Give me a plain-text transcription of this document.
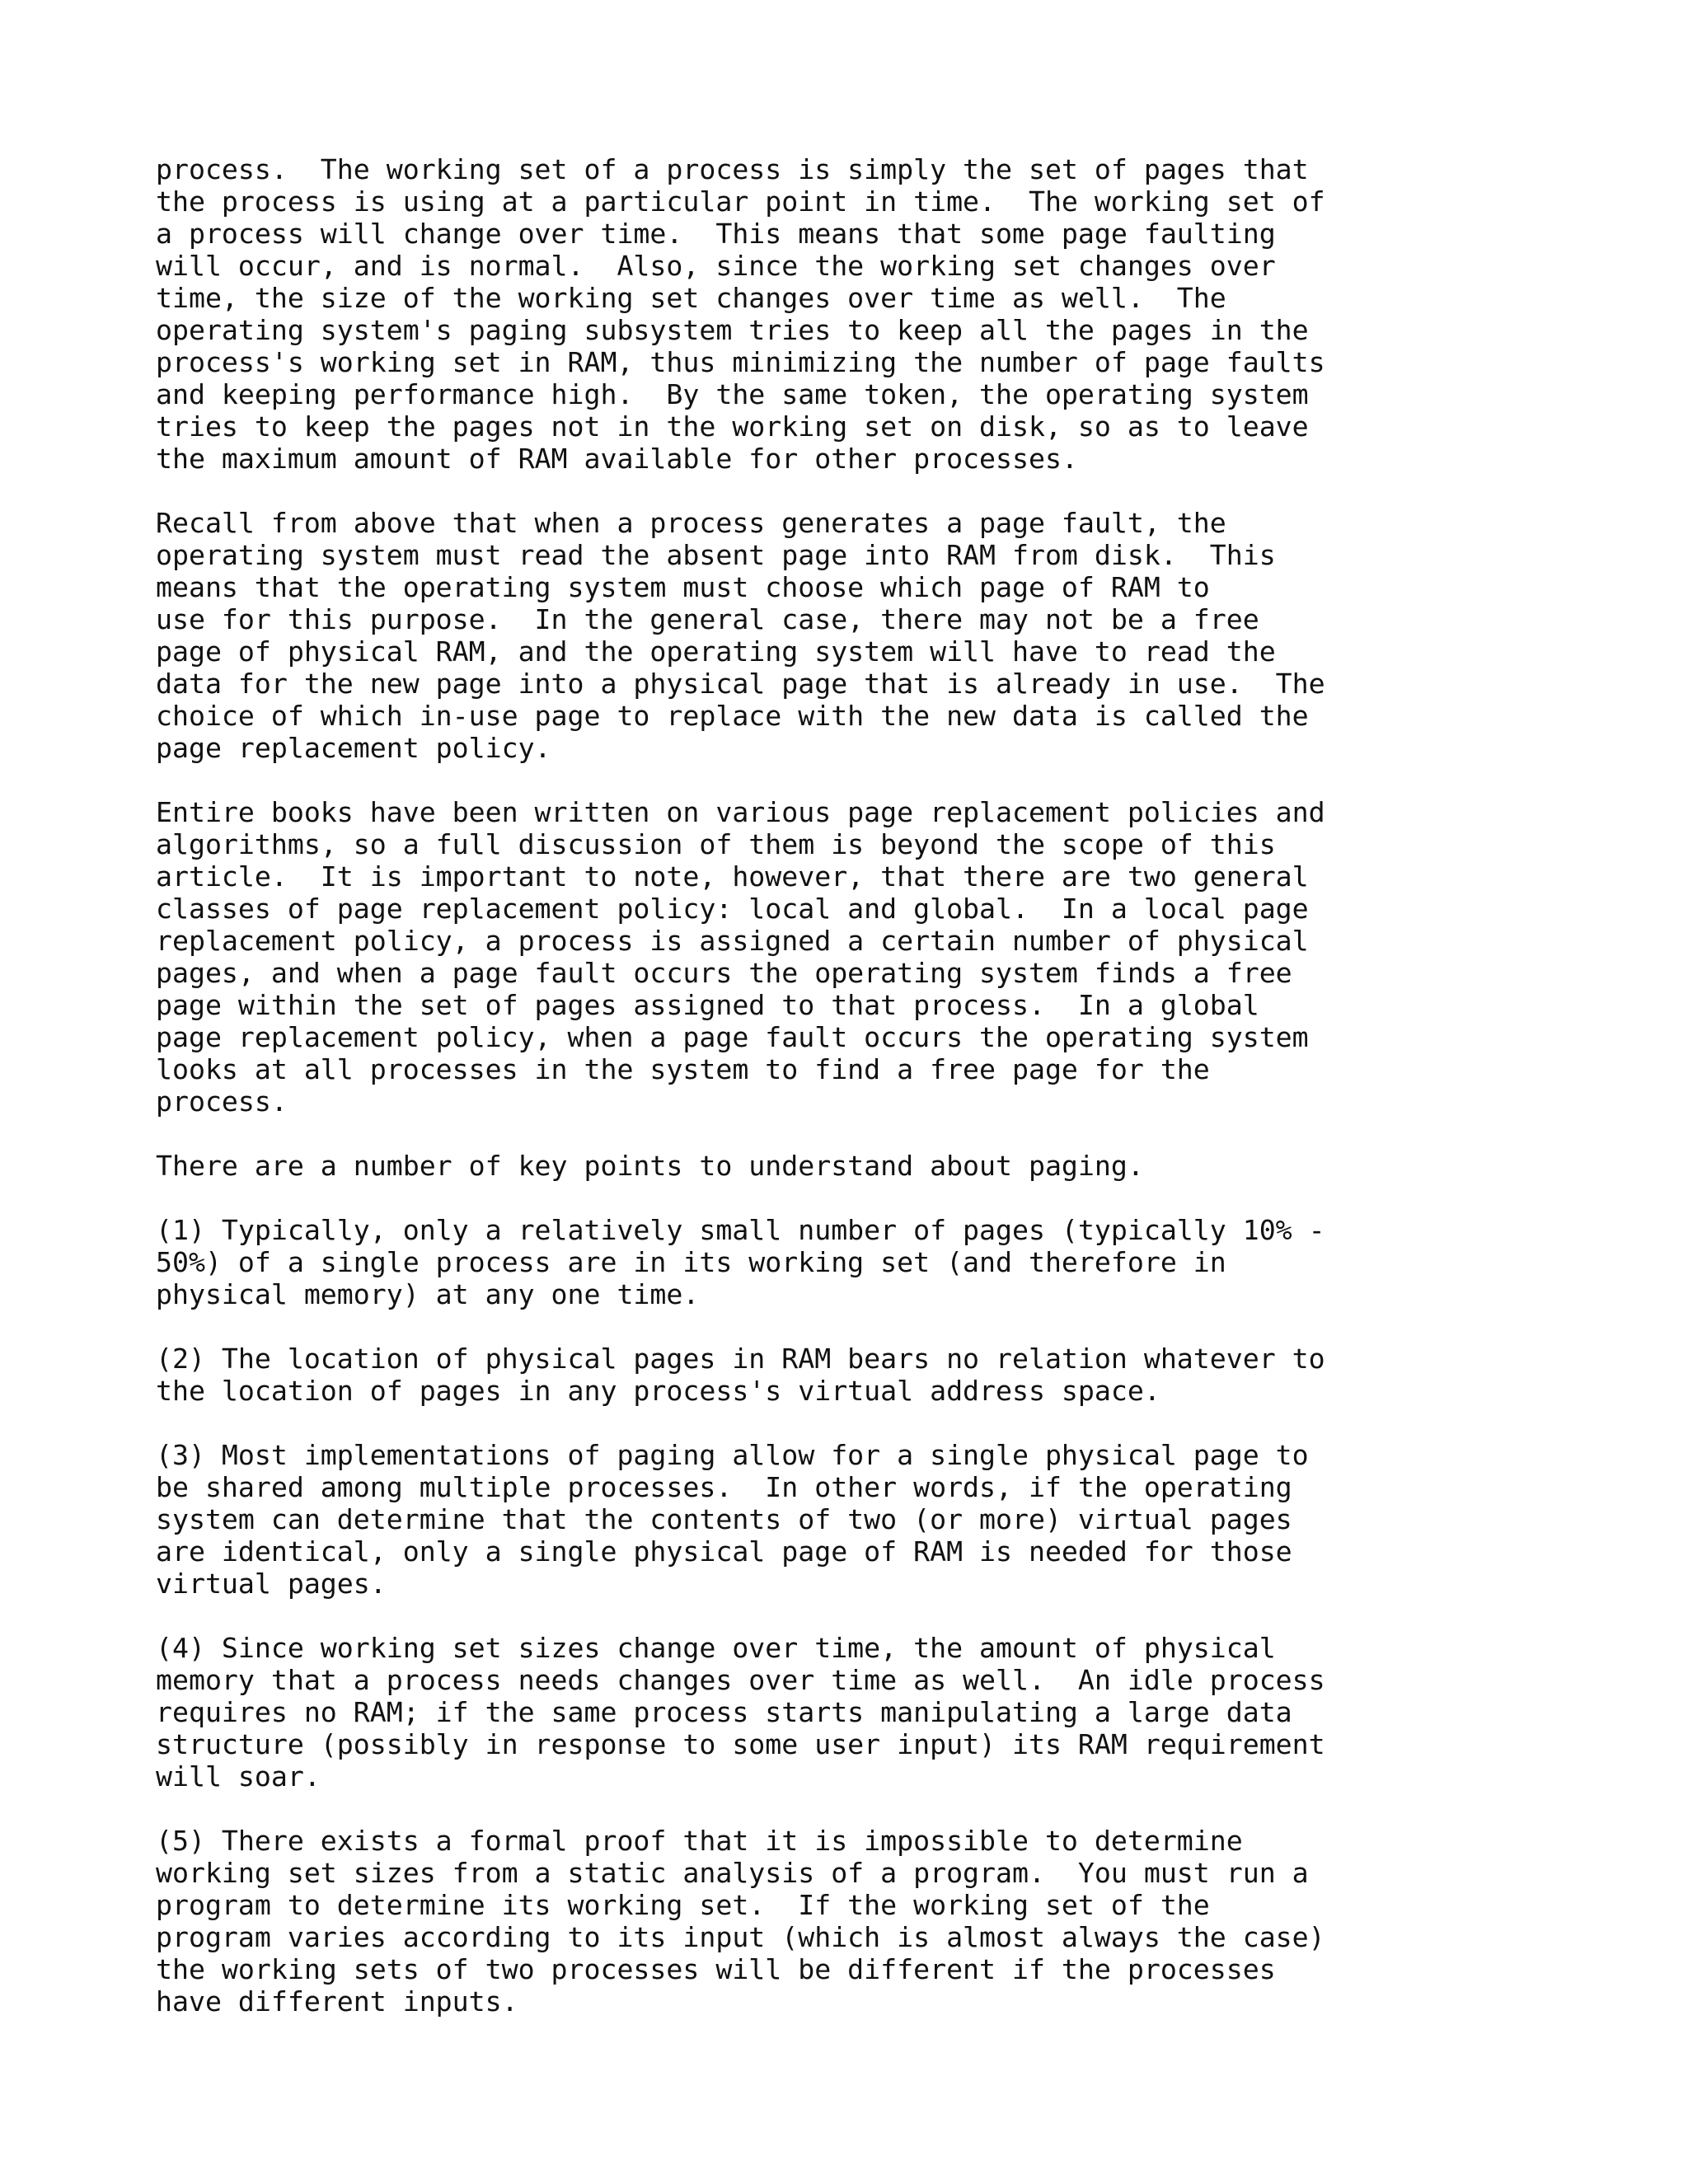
process.  The working set of a process is simply the set of pages that
the process is using at a particular point in time.  The working set of
a process will change over time.  This means that some page faulting
will occur, and is normal.  Also, since the working set changes over
time, the size of the working set changes over time as well.  The
operating system's paging subsystem tries to keep all the pages in the
process's working set in RAM, thus minimizing the number of page faults
and keeping performance high.  By the same token, the operating system
tries to keep the pages not in the working set on disk, so as to leave
the maximum amount of RAM available for other processes.
Recall from above that when a process generates a page fault, the
operating system must read the absent page into RAM from disk.  This
means that the operating system must choose which page of RAM to
use for this purpose.  In the general case, there may not be a free
page of physical RAM, and the operating system will have to read the
data for the new page into a physical page that is already in use.  The
choice of which in-use page to replace with the new data is called the
page replacement policy.
Entire books have been written on various page replacement policies and
algorithms, so a full discussion of them is beyond the scope of this
article.  It is important to note, however, that there are two general
classes of page replacement policy: local and global.  In a local page
replacement policy, a process is assigned a certain number of physical
pages, and when a page fault occurs the operating system finds a free
page within the set of pages assigned to that process.  In a global
page replacement policy, when a page fault occurs the operating system
looks at all processes in the system to find a free page for the
process.
There are a number of key points to understand about paging.
(1) Typically, only a relatively small number of pages (typically 10% -
50%) of a single process are in its working set (and therefore in
physical memory) at any one time.
(2) The location of physical pages in RAM bears no relation whatever to
the location of pages in any process's virtual address space.
(3) Most implementations of paging allow for a single physical page to
be shared among multiple processes.  In other words, if the operating
system can determine that the contents of two (or more) virtual pages
are identical, only a single physical page of RAM is needed for those
virtual pages.
(4) Since working set sizes change over time, the amount of physical
memory that a process needs changes over time as well.  An idle process
requires no RAM; if the same process starts manipulating a large data
structure (possibly in response to some user input) its RAM requirement
will soar.
(5) There exists a formal proof that it is impossible to determine
working set sizes from a static analysis of a program.  You must run a
program to determine its working set.  If the working set of the
program varies according to its input (which is almost always the case)
the working sets of two processes will be different if the processes
have different inputs.
